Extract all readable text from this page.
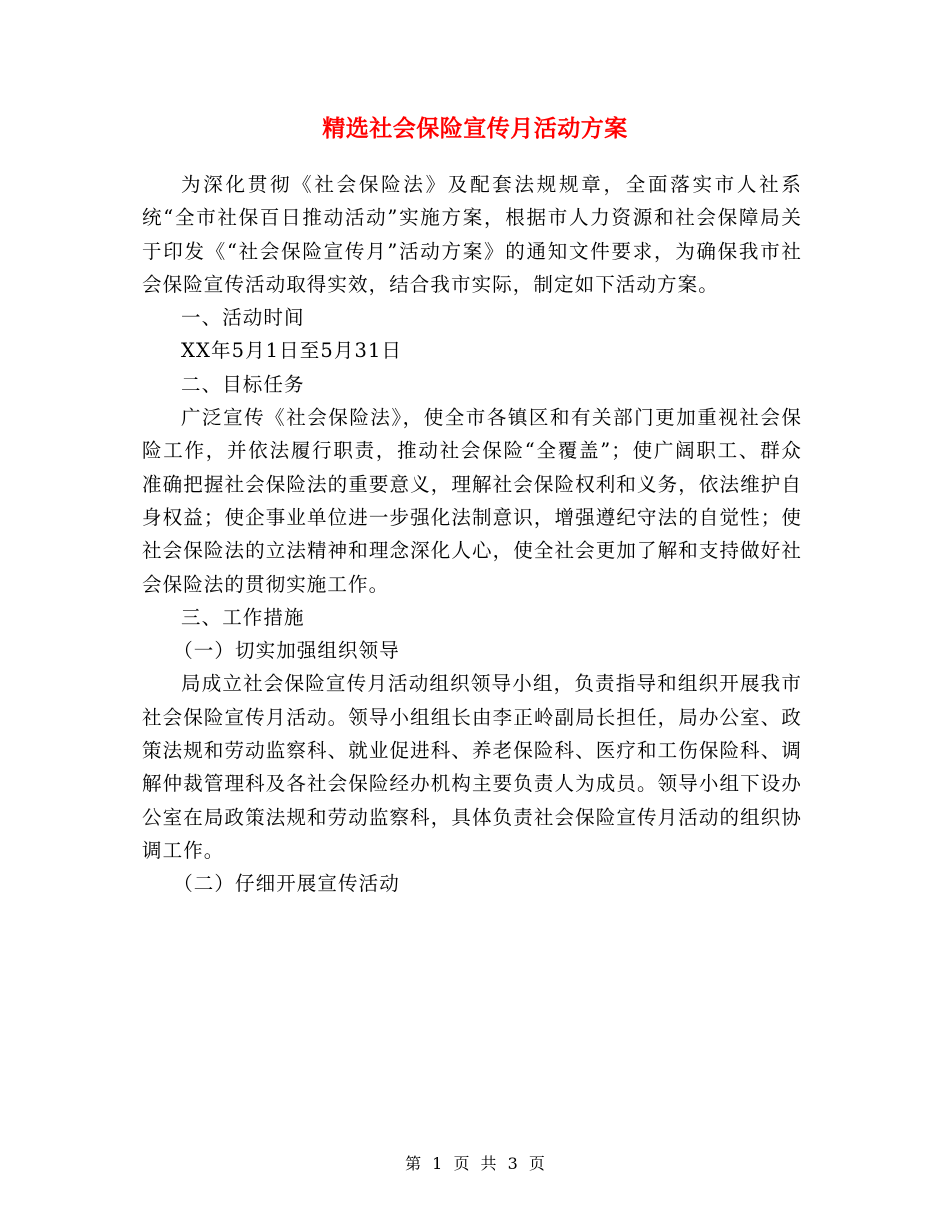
精选社会保险宣传月活动方案

为深化贯彻《社会保险法》及配套法规规章，全面落实市人社系统“全市社保百日推动活动”实施方案，根据市人力资源和社会保障局关于印发《“社会保险宣传月”活动方案》的通知文件要求，为确保我市社会保险宣传活动取得实效，结合我市实际，制定如下活动方案。

一、活动时间

XX年5月1日至5月31日

二、目标任务

广泛宣传《社会保险法》，使全市各镇区和有关部门更加重视社会保险工作，并依法履行职责，推动社会保险“全覆盖”；使广阔职工、群众准确把握社会保险法的重要意义，理解社会保险权利和义务，依法维护自身权益；使企事业单位进一步强化法制意识，增强遵纪守法的自觉性；使社会保险法的立法精神和理念深化人心，使全社会更加了解和支持做好社会保险法的贯彻实施工作。

三、工作措施

（一）切实加强组织领导

局成立社会保险宣传月活动组织领导小组，负责指导和组织开展我市社会保险宣传月活动。领导小组组长由李正岭副局长担任，局办公室、政策法规和劳动监察科、就业促进科、养老保险科、医疗和工伤保险科、调解仲裁管理科及各社会保险经办机构主要负责人为成员。领导小组下设办公室在局政策法规和劳动监察科，具体负责社会保险宣传月活动的组织协调工作。

（二）仔细开展宣传活动

第 1 页 共 3 页
